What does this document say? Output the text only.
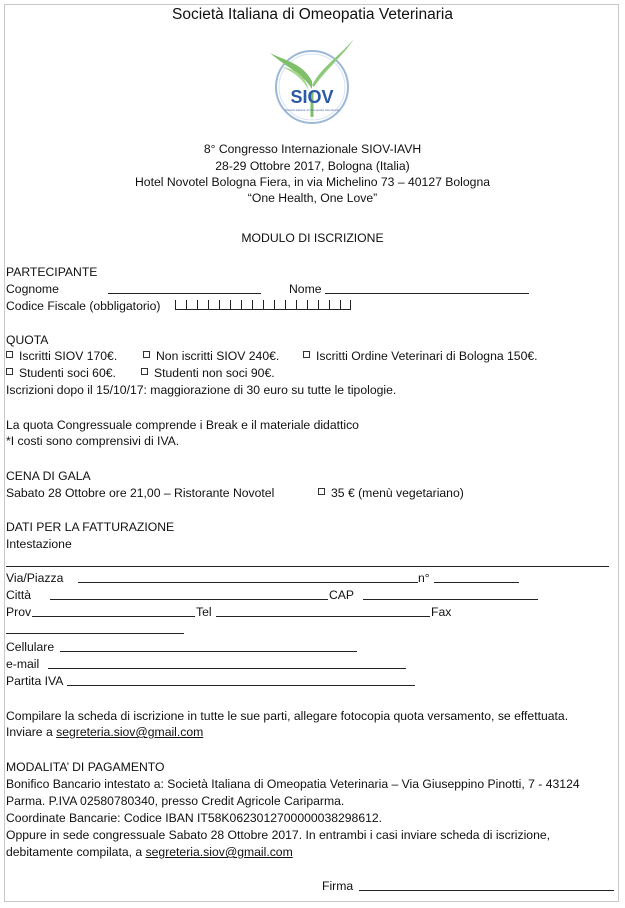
Società Italiana di Omeopatia Veterinaria
SIOV
Società Italiana di Omeopatia Veterinaria
8° Congresso Internazionale SIOV-IAVH
28-29 Ottobre 2017, Bologna (Italia)
Hotel Novotel Bologna Fiera, in via Michelino 73 – 40127 Bologna
“One Health, One Love”
MODULO DI ISCRIZIONE
PARTECIPANTE
Cognome	Nome
Codice Fiscale (obbligatorio)
QUOTA
Iscritti SIOV 170€.	Non iscritti SIOV 240€.	Iscritti Ordine Veterinari di Bologna 150€.
Studenti soci 60€.	Studenti non soci 90€.
Iscrizioni dopo il 15/10/17: maggiorazione di 30 euro su tutte le tipologie.
La quota Congressuale comprende i Break e il materiale didattico
*I costi sono comprensivi di IVA.
CENA DI GALA
Sabato 28 Ottobre ore 21,00 – Ristorante Novotel	35 € (menù vegetariano)
DATI PER LA FATTURAZIONE
Intestazione
Via/Piazza	n°
Città	CAP
Prov	Tel	Fax
Cellulare
e-mail
Partita IVA
Compilare la scheda di iscrizione in tutte le sue parti, allegare fotocopia quota versamento, se effettuata.
Inviare a segreteria.siov@gmail.com
MODALITA’ DI PAGAMENTO
Bonifico Bancario intestato a: Società Italiana di Omeopatia Veterinaria – Via Giuseppino Pinotti, 7 - 43124
Parma. P.IVA 02580780340, presso Credit Agricole Cariparma.
Coordinate Bancarie: Codice IBAN IT58K0623012700000038298612.
Oppure in sede congressuale Sabato 28 Ottobre 2017. In entrambi i casi inviare scheda di iscrizione,
debitamente compilata, a segreteria.siov@gmail.com
Firma
